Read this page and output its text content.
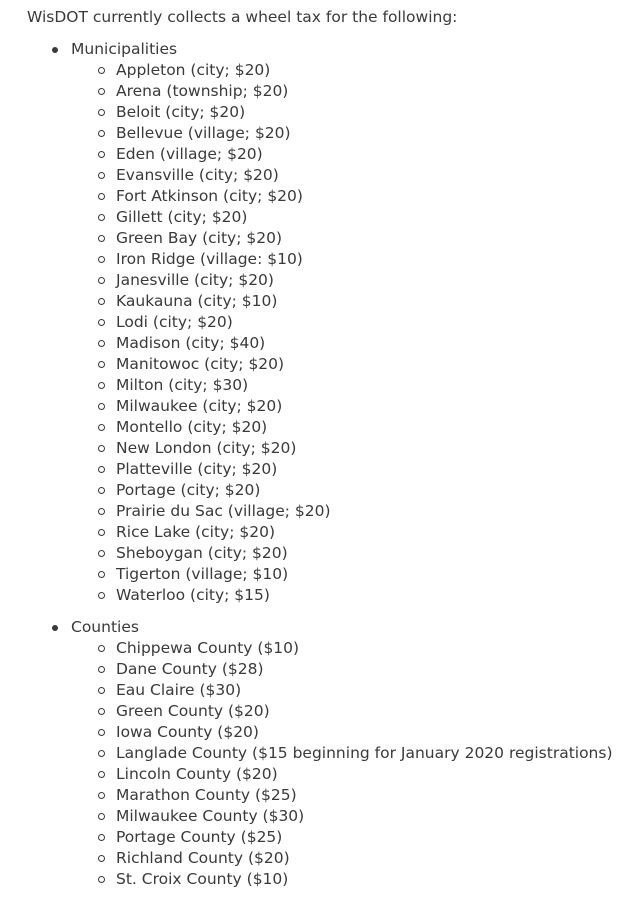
WisDOT currently collects a wheel tax for the following:

Municipalities
Appleton (city; $20)
Arena (township; $20)
Beloit (city; $20)
Bellevue (village; $20)
Eden (village; $20)
Evansville (city; $20)
Fort Atkinson (city; $20)
Gillett (city; $20)
Green Bay (city; $20)
Iron Ridge (village: $10)
Janesville (city; $20)
Kaukauna (city; $10)
Lodi (city; $20)
Madison (city; $40)
Manitowoc (city; $20)
Milton (city; $30)
Milwaukee (city; $20)
Montello (city; $20)
New London (city; $20)
Platteville (city; $20)
Portage (city; $20)
Prairie du Sac (village; $20)
Rice Lake (city; $20)
Sheboygan (city; $20)
Tigerton (village; $10)
Waterloo (city; $15)
Counties
Chippewa County ($10)
Dane County ($28)
Eau Claire ($30)
Green County ($20)
Iowa County ($20)
Langlade County ($15 beginning for January 2020 registrations)
Lincoln County ($20)
Marathon County ($25)
Milwaukee County ($30)
Portage County ($25)
Richland County ($20)
St. Croix County ($10)
